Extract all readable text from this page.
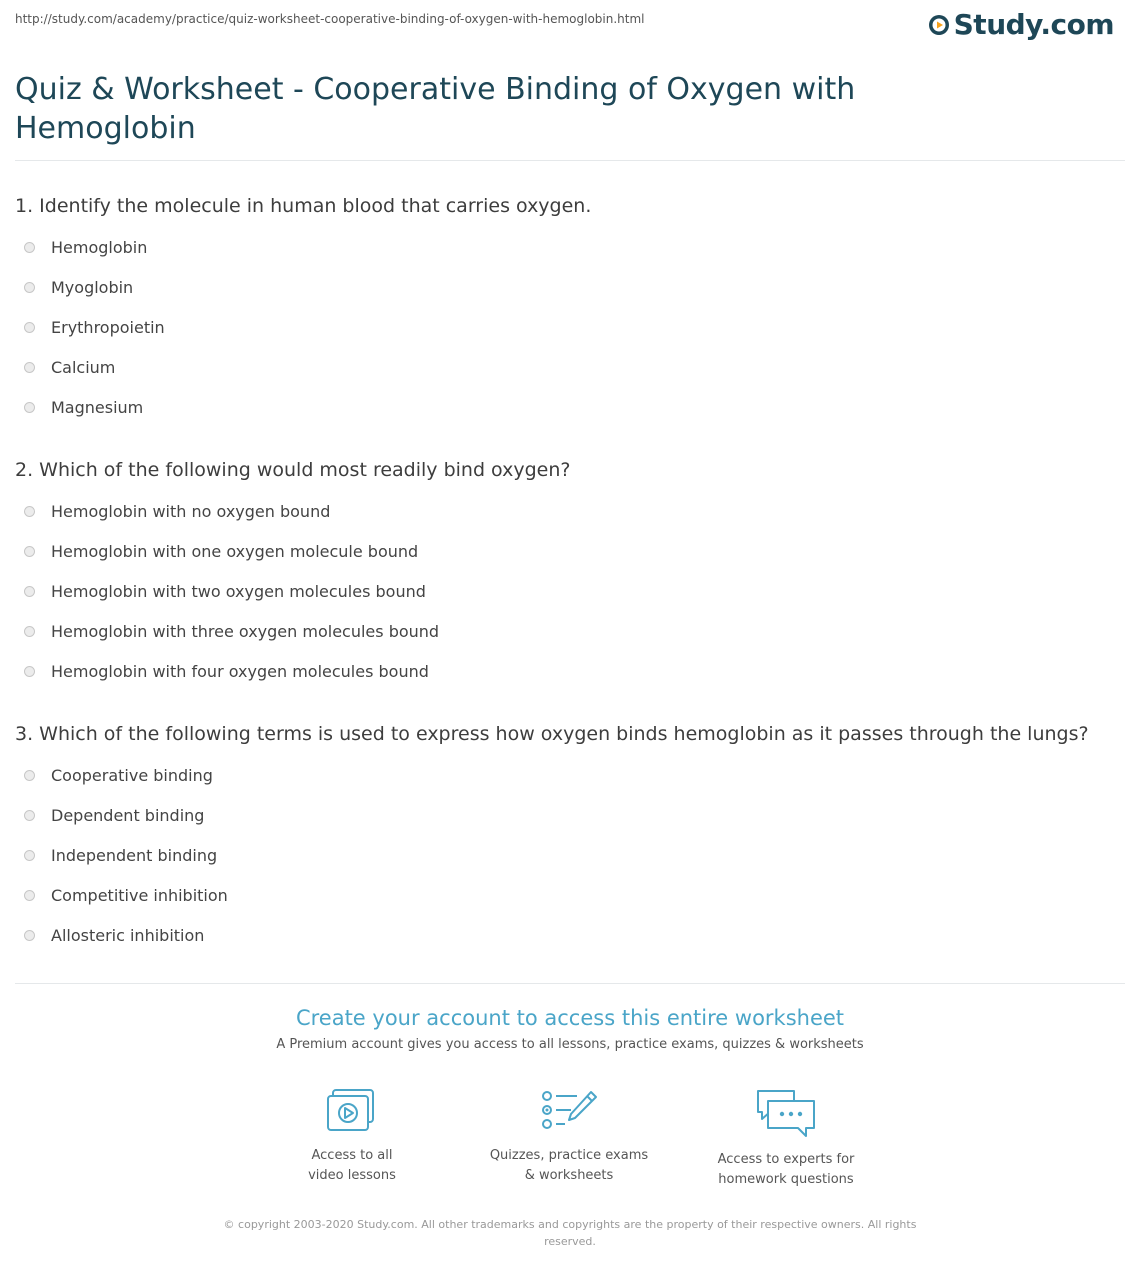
http://study.com/academy/practice/quiz-worksheet-cooperative-binding-of-oxygen-with-hemoglobin.html	Study.com
Quiz & Worksheet - Cooperative Binding of Oxygen with Hemoglobin
1. Identify the molecule in human blood that carries oxygen.
Hemoglobin
Myoglobin
Erythropoietin
Calcium
Magnesium
2. Which of the following would most readily bind oxygen?
Hemoglobin with no oxygen bound
Hemoglobin with one oxygen molecule bound
Hemoglobin with two oxygen molecules bound
Hemoglobin with three oxygen molecules bound
Hemoglobin with four oxygen molecules bound
3. Which of the following terms is used to express how oxygen binds hemoglobin as it passes through the lungs?
Cooperative binding
Dependent binding
Independent binding
Competitive inhibition
Allosteric inhibition
Create your account to access this entire worksheet
A Premium account gives you access to all lessons, practice exams, quizzes & worksheets
Access to all
video lessons
Quizzes, practice exams
& worksheets
Access to experts for
homework questions
© copyright 2003-2020 Study.com. All other trademarks and copyrights are the property of their respective owners. All rights reserved.
